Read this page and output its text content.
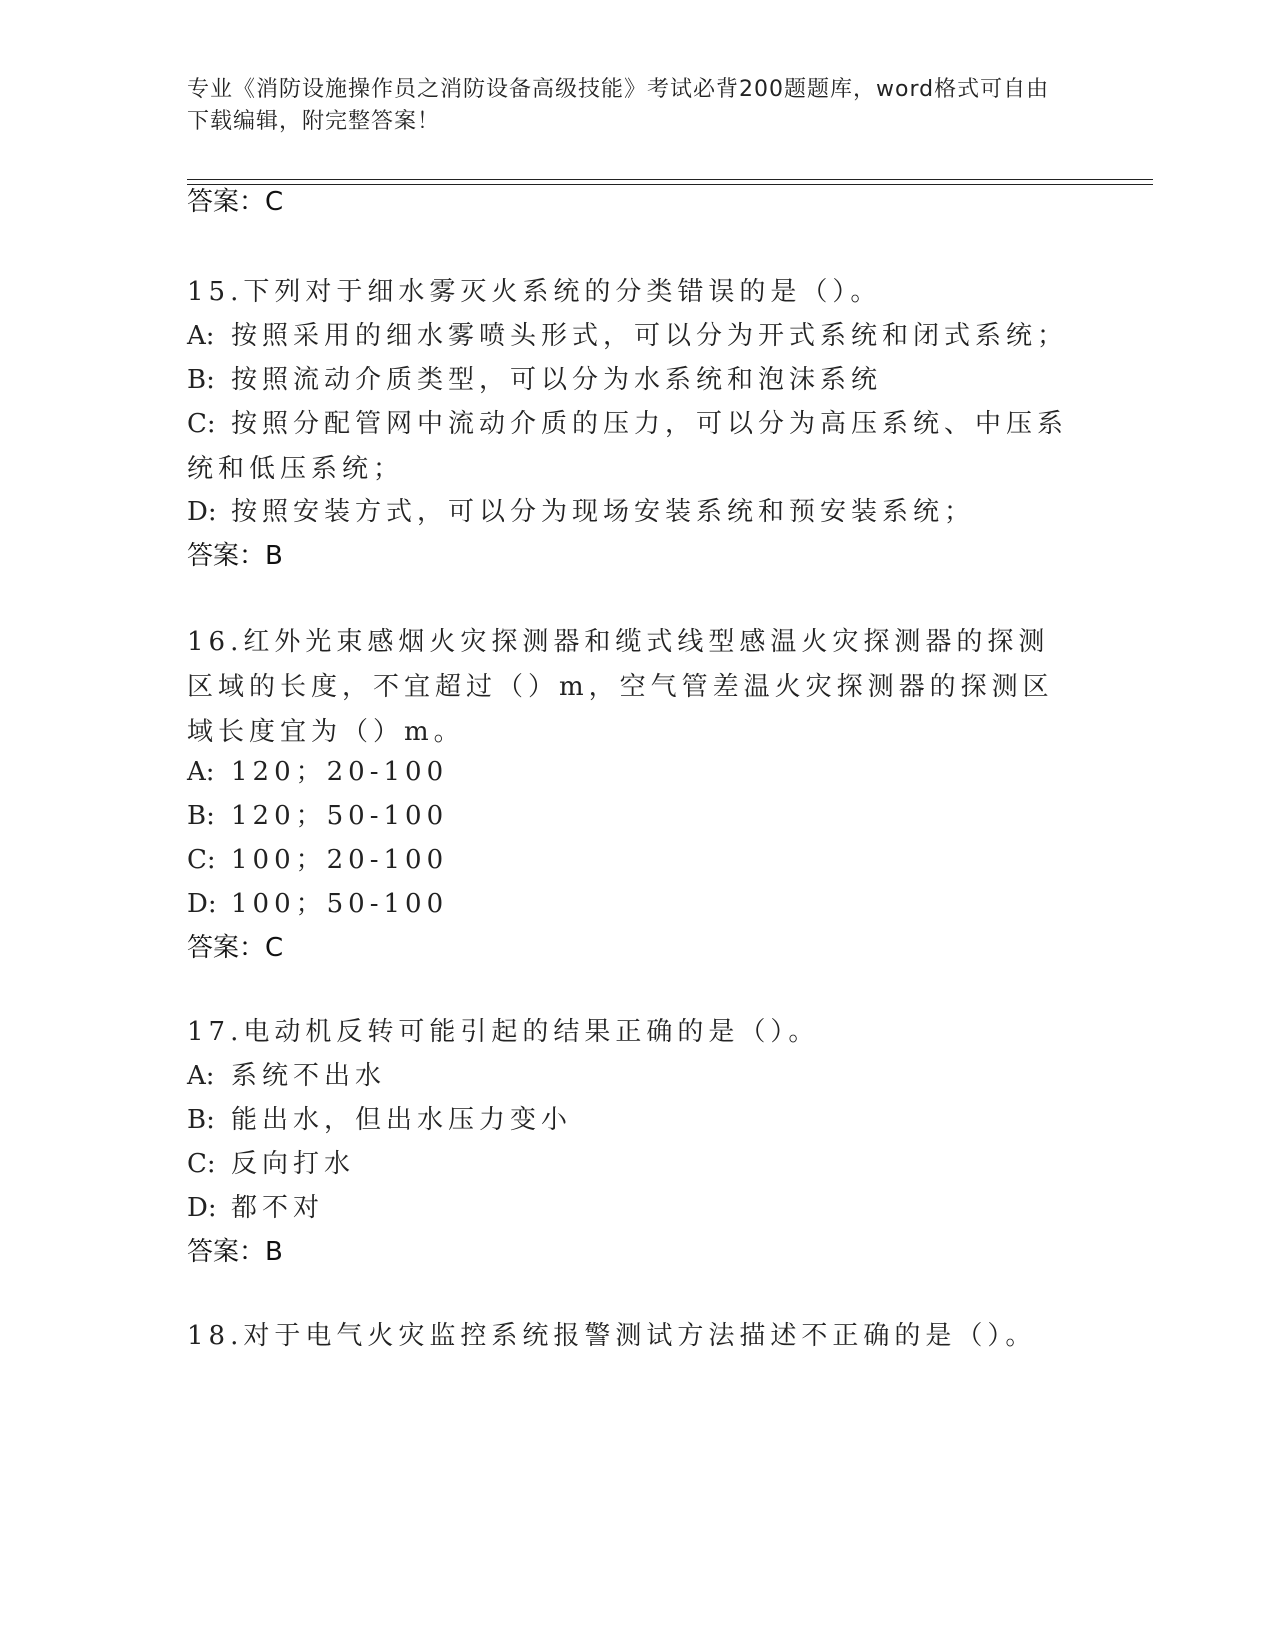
专业《消防设施操作员之消防设备高级技能》考试必背200题题库，word格式可自由下载编辑，附完整答案！
答案：C
15.下列对于细水雾灭火系统的分类错误的是（）。
A: 按照采用的细水雾喷头形式，可以分为开式系统和闭式系统；
B: 按照流动介质类型，可以分为水系统和泡沫系统
C: 按照分配管网中流动介质的压力，可以分为高压系统、中压系统和低压系统；
D: 按照安装方式，可以分为现场安装系统和预安装系统；
答案：B
16.红外光束感烟火灾探测器和缆式线型感温火灾探测器的探测区域的长度，不宜超过（）m，空气管差温火灾探测器的探测区域长度宜为（）m。
A: 120；20-100
B: 120；50-100
C: 100；20-100
D: 100；50-100
答案：C
17.电动机反转可能引起的结果正确的是（）。
A: 系统不出水
B: 能出水，但出水压力变小
C: 反向打水
D: 都不对
答案：B
18.对于电气火灾监控系统报警测试方法描述不正确的是（）。
